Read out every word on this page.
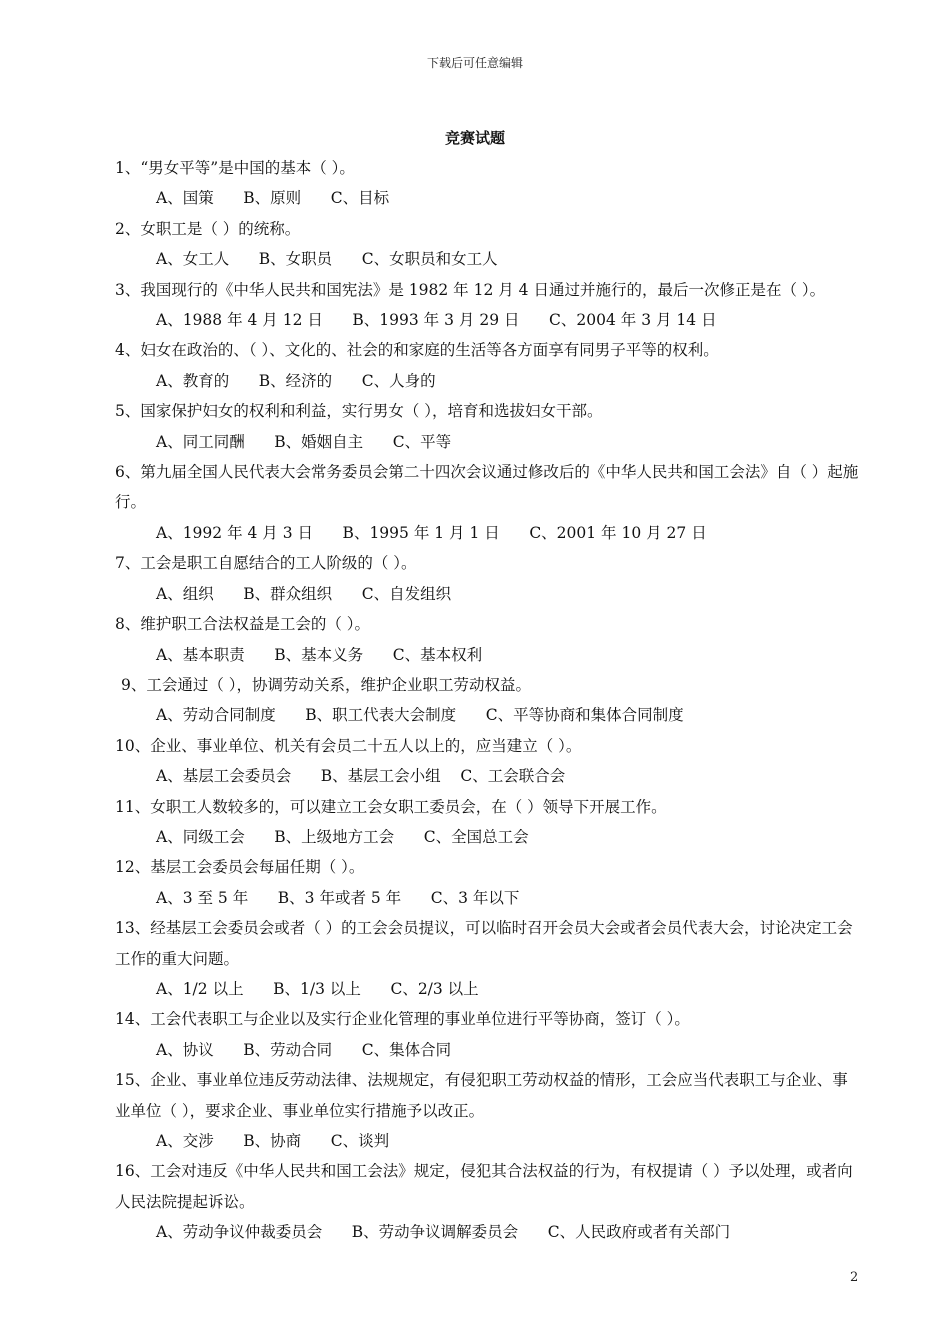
下载后可任意编辑
竞赛试题

1、“男女平等”是中国的基本（ ）。

A、国策      B、原则      C、目标

2、女职工是（ ）的统称。

A、女工人      B、女职员      C、女职员和女工人

3、我国现行的《中华人民共和国宪法》是 1982 年 12 月 4 日通过并施行的，最后一次修正是在（ ）。

A、1988 年 4 月 12 日      B、1993 年 3 月 29 日      C、2004 年 3 月 14 日

4、妇女在政治的、（ ）、文化的、社会的和家庭的生活等各方面享有同男子平等的权利。

A、教育的      B、经济的      C、人身的

5、国家保护妇女的权利和利益，实行男女（ ），培育和选拔妇女干部。

A、同工同酬      B、婚姻自主      C、平等

6、第九届全国人民代表大会常务委员会第二十四次会议通过修改后的《中华人民共和国工会法》自（ ）起施行。

A、1992 年 4 月 3 日      B、1995 年 1 月 1 日      C、2001 年 10 月 27 日

7、工会是职工自愿结合的工人阶级的（ ）。

A、组织      B、群众组织      C、自发组织

8、维护职工合法权益是工会的（ ）。

A、基本职责      B、基本义务      C、基本权利

9、工会通过（ ），协调劳动关系，维护企业职工劳动权益。

A、劳动合同制度      B、职工代表大会制度      C、平等协商和集体合同制度

10、企业、事业单位、机关有会员二十五人以上的，应当建立（ ）。

A、基层工会委员会      B、基层工会小组    C、工会联合会

11、女职工人数较多的，可以建立工会女职工委员会，在（ ）领导下开展工作。

A、同级工会      B、上级地方工会      C、全国总工会

12、基层工会委员会每届任期（ ）。

A、3 至 5 年      B、3 年或者 5 年      C、3 年以下

13、经基层工会委员会或者（ ）的工会会员提议，可以临时召开会员大会或者会员代表大会，讨论决定工会工作的重大问题。

A、1/2 以上      B、1/3 以上      C、2/3 以上

14、工会代表职工与企业以及实行企业化管理的事业单位进行平等协商，签订（ ）。

A、协议      B、劳动合同      C、集体合同

15、企业、事业单位违反劳动法律、法规规定，有侵犯职工劳动权益的情形，工会应当代表职工与企业、事业单位（ ），要求企业、事业单位实行措施予以改正。

A、交涉      B、协商      C、谈判

16、工会对违反《中华人民共和国工会法》规定，侵犯其合法权益的行为，有权提请（ ）予以处理，或者向人民法院提起诉讼。

A、劳动争议仲裁委员会      B、劳动争议调解委员会      C、人民政府或者有关部门

2
